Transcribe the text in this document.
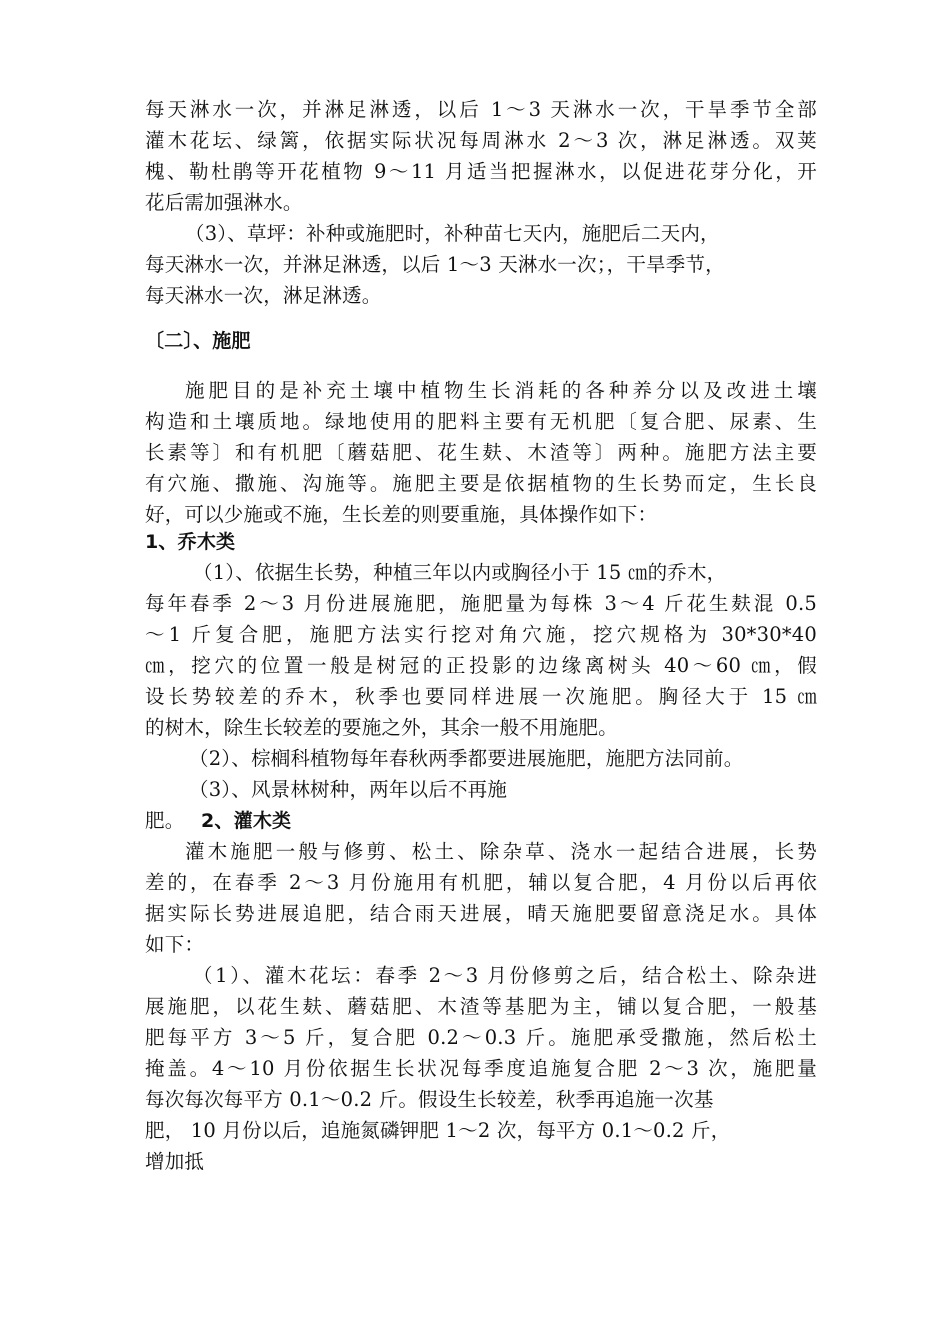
每天淋水一次，并淋足淋透，以后 1～3 天淋水一次，干旱季节全部
灌木花坛、绿篱，依据实际状况每周淋水 2～3 次，淋足淋透。双荚
槐、勒杜鹃等开花植物 9～11 月适当把握淋水，以促进花芽分化，开
花后需加强淋水。
（3）、草坪：补种或施肥时，补种苗七天内，施肥后二天内，
每天淋水一次，并淋足淋透，以后 1～3 天淋水一次；，干旱季节，
每天淋水一次，淋足淋透。
〔二〕、施肥
施肥目的是补充土壤中植物生长消耗的各种养分以及改进土壤
构造和土壤质地。绿地使用的肥料主要有无机肥〔复合肥、尿素、生
长素等〕和有机肥〔蘑菇肥、花生麸、木渣等〕两种。施肥方法主要
有穴施、撒施、沟施等。施肥主要是依据植物的生长势而定，生长良
好，可以少施或不施，生长差的则要重施，具体操作如下：
1、乔木类
（1）、依据生长势，种植三年以内或胸径小于 15 ㎝的乔木，
每年春季 2～3 月份进展施肥，施肥量为每株 3～4 斤花生麸混 0.5
～1 斤复合肥，施肥方法实行挖对角穴施，挖穴规格为 30*30*40
㎝，挖穴的位置一般是树冠的正投影的边缘离树头 40～60 ㎝，假
设长势较差的乔木，秋季也要同样进展一次施肥。胸径大于 15 ㎝
的树木，除生长较差的要施之外，其余一般不用施肥。
（2）、棕榈科植物每年春秋两季都要进展施肥，施肥方法同前。
（3）、风景林树种，两年以后不再施
肥。 2、灌木类
灌木施肥一般与修剪、松土、除杂草、浇水一起结合进展，长势
差的，在春季 2～3 月份施用有机肥，辅以复合肥，4 月份以后再依
据实际长势进展追肥，结合雨天进展，晴天施肥要留意浇足水。具体
如下：
（1）、灌木花坛：春季 2～3 月份修剪之后，结合松土、除杂进
展施肥，以花生麸、蘑菇肥、木渣等基肥为主，铺以复合肥，一般基
肥每平方 3～5 斤，复合肥 0.2～0.3 斤。施肥承受撒施，然后松土
掩盖。4～10 月份依据生长状况每季度追施复合肥 2～3 次，施肥量
每次每次每平方 0.1～0.2 斤。假设生长较差，秋季再追施一次基
肥， 10 月份以后，追施氮磷钾肥 1～2 次，每平方 0.1～0.2 斤，
增加抵
